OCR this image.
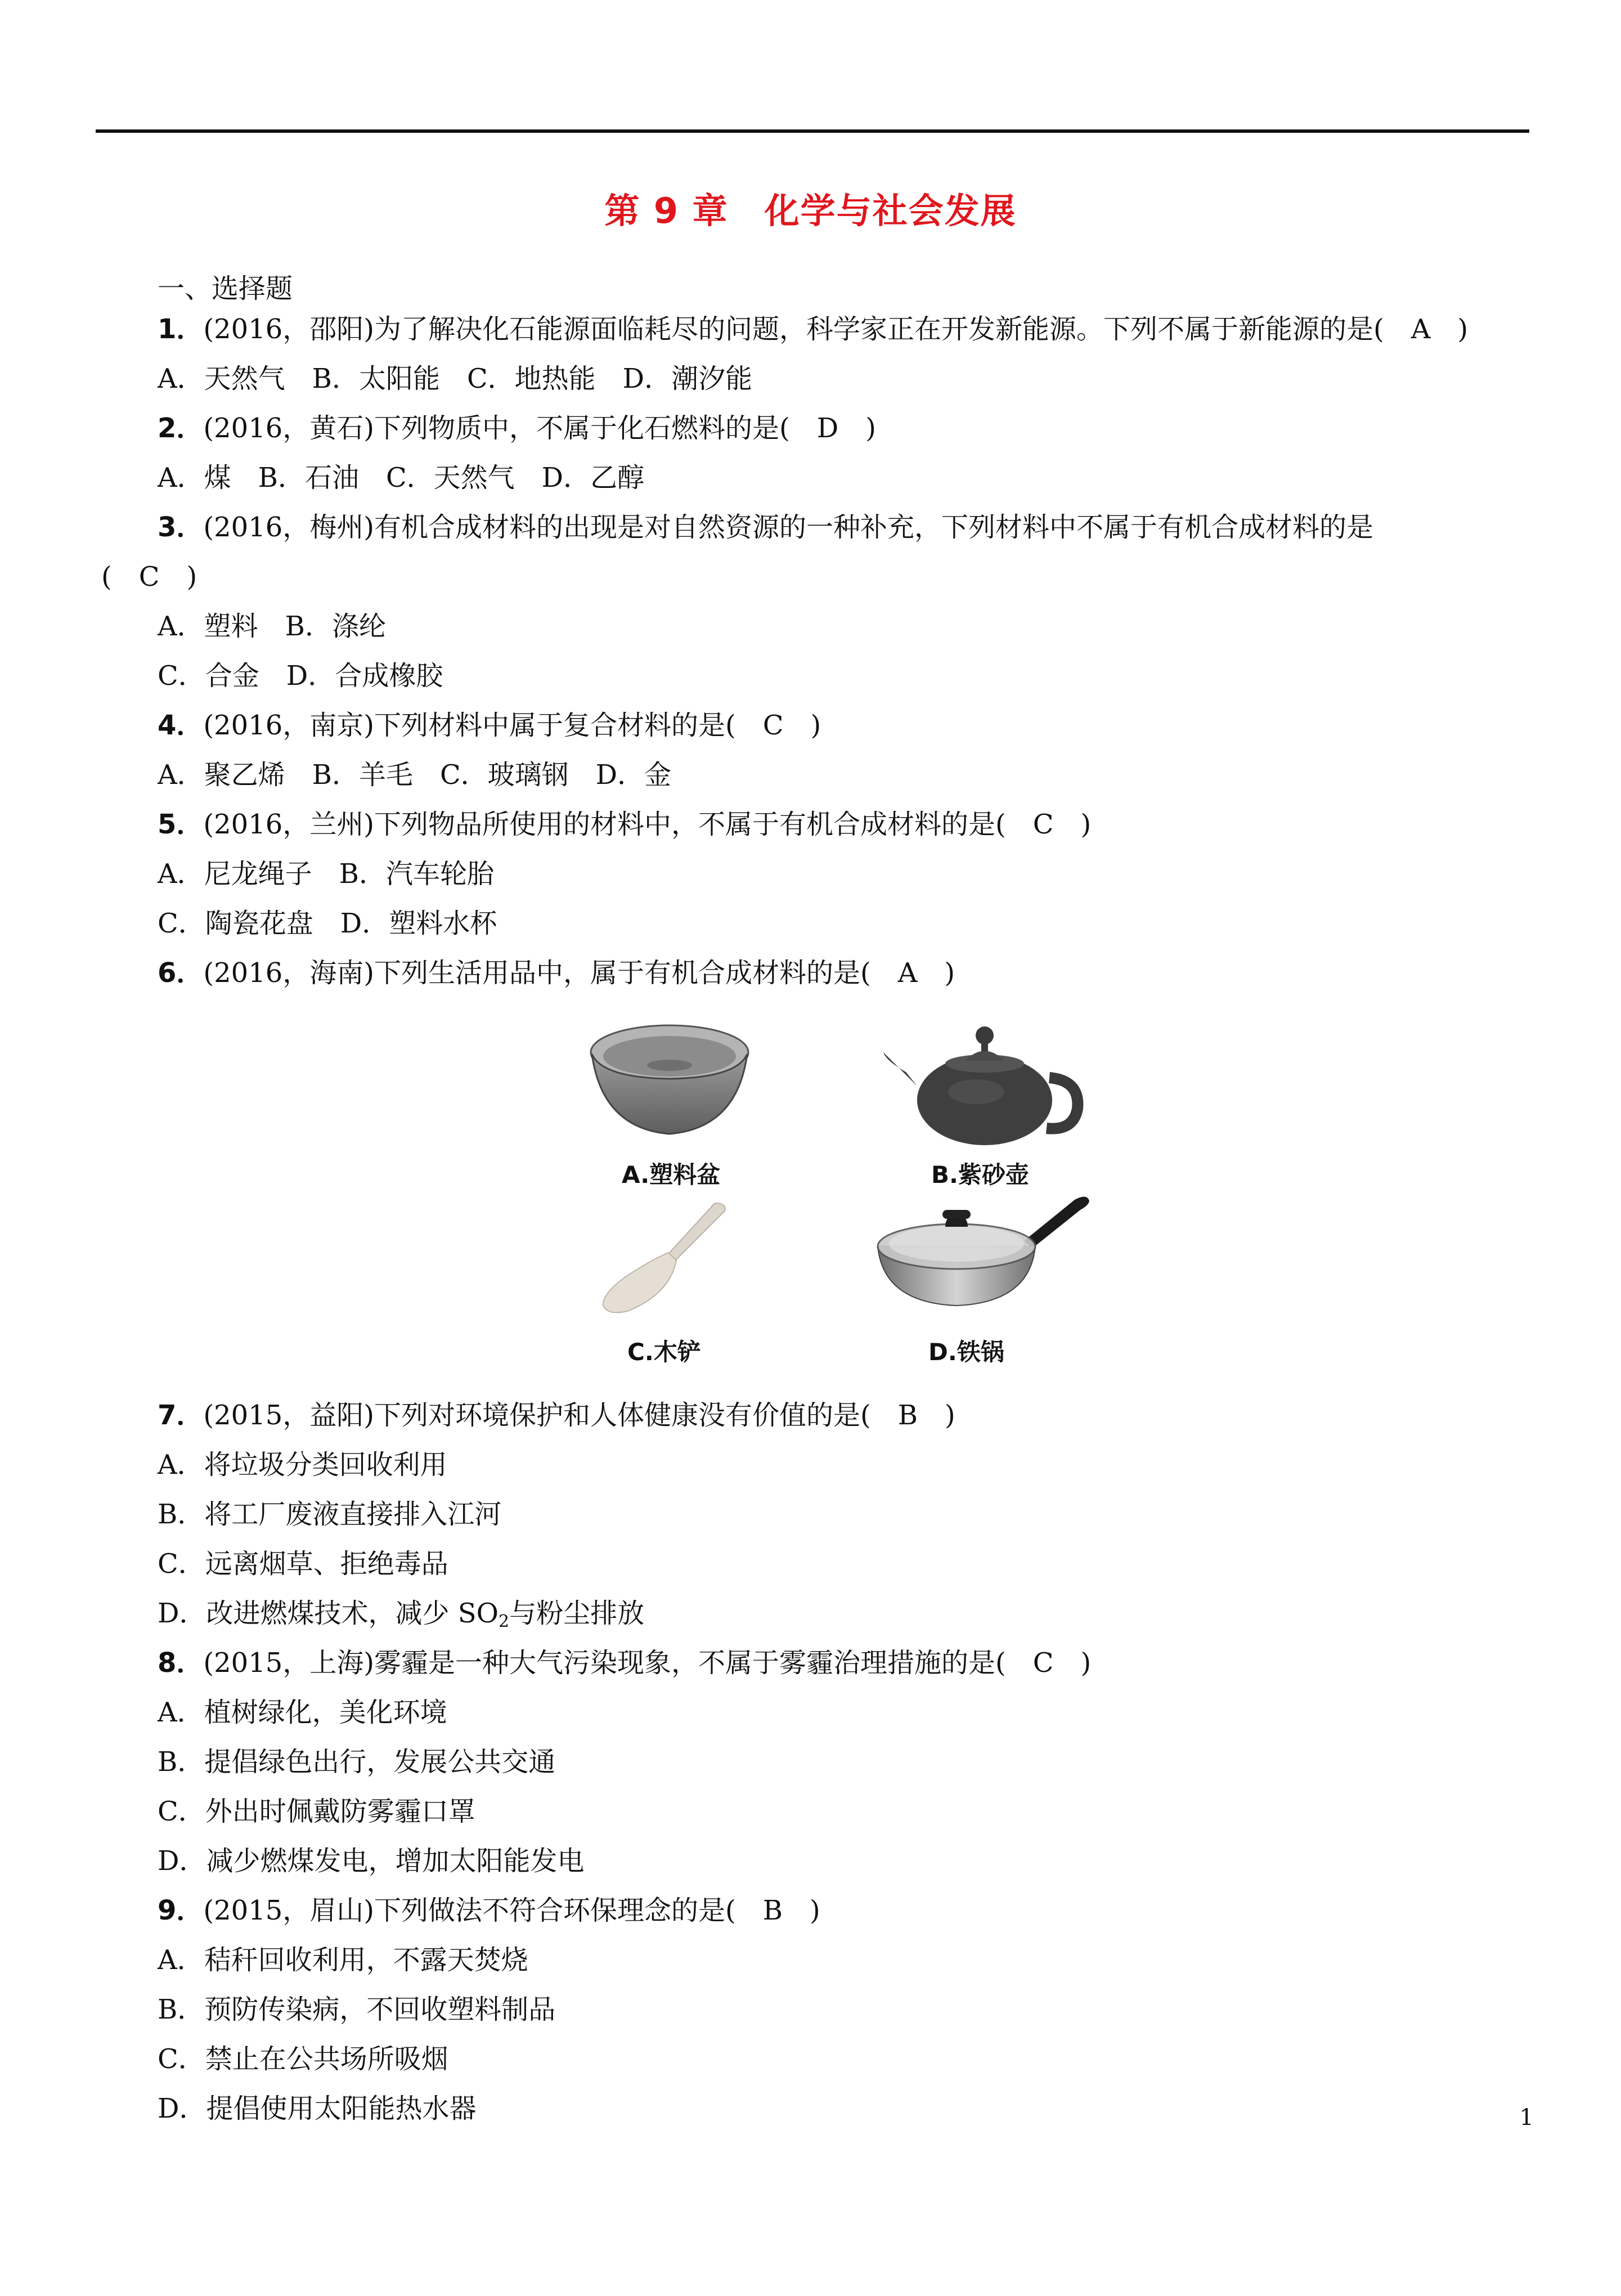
第 9 章　化学与社会发展
一、选择题
1．(2016，邵阳)为了解决化石能源面临耗尽的问题，科学家正在开发新能源。下列不属于新能源的是(　A　)
A．天然气　B．太阳能　C．地热能　D．潮汐能
2．(2016，黄石)下列物质中，不属于化石燃料的是(　D　)
A．煤　B．石油　C．天然气　D．乙醇
3．(2016，梅州)有机合成材料的出现是对自然资源的一种补充，下列材料中不属于有机合成材料的是
(　C　)
A．塑料　B．涤纶
C．合金　D．合成橡胶
4．(2016，南京)下列材料中属于复合材料的是(　C　)
A．聚乙烯　B．羊毛　C．玻璃钢　D．金
5．(2016，兰州)下列物品所使用的材料中，不属于有机合成材料的是(　C　)
A．尼龙绳子　B．汽车轮胎
C．陶瓷花盘　D．塑料水杯
6．(2016，海南)下列生活用品中，属于有机合成材料的是(　A　)
7．(2015，益阳)下列对环境保护和人体健康没有价值的是(　B　)
A．将垃圾分类回收利用
B．将工厂废液直接排入江河
C．远离烟草、拒绝毒品
D．改进燃煤技术，减少 $SO_2$与粉尘排放
8．(2015，上海)雾霾是一种大气污染现象，不属于雾霾治理措施的是(　C　)
A．植树绿化，美化环境
B．提倡绿色出行，发展公共交通
C．外出时佩戴防雾霾口罩
D．减少燃煤发电，增加太阳能发电
9．(2015，眉山)下列做法不符合环保理念的是(　B　)
A．秸秆回收利用，不露天焚烧
B．预防传染病，不回收塑料制品
C．禁止在公共场所吸烟
D．提倡使用太阳能热水器
A.塑料盆	B.紫砂壶
C.木铲	D.铁锅
1
